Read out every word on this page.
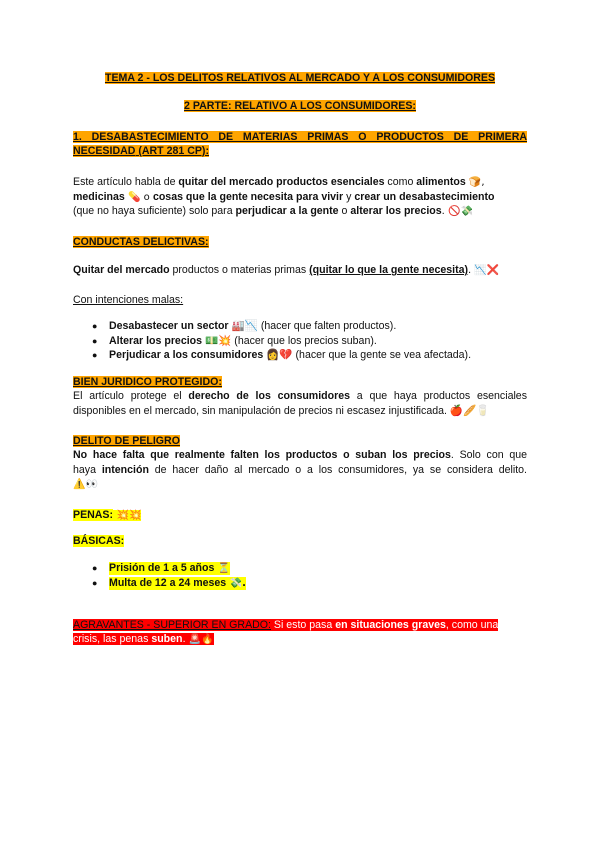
TEMA 2 - LOS DELITOS RELATIVOS AL MERCADO Y A LOS CONSUMIDORES
2 PARTE: RELATIVO A LOS CONSUMIDORES:
1. DESABASTECIMIENTO DE MATERIAS PRIMAS O PRODUCTOS DE PRIMERA
NECESIDAD (ART 281 CP):
Este artículo habla de quitar del mercado productos esenciales como alimentos 🍞,
medicinas 💊 o cosas que la gente necesita para vivir y crear un desabastecimiento
(que no haya suficiente) solo para perjudicar a la gente o alterar los precios. 🚫💸
CONDUCTAS DELICTIVAS:
Quitar del mercado productos o materias primas (quitar lo que la gente necesita). 📉❌
Con intenciones malas:
● Desabastecer un sector 🏭📉 (hacer que falten productos).
● Alterar los precios 💵💥 (hacer que los precios suban).
● Perjudicar a los consumidores 👩💔 (hacer que la gente se vea afectada).
BIEN JURIDICO PROTEGIDO:
El artículo protege el derecho de los consumidores a que haya productos esenciales
disponibles en el mercado, sin manipulación de precios ni escasez injustificada. 🍎🥖🥛
DELITO DE PELIGRO
No hace falta que realmente falten los productos o suban los precios. Solo con que
haya intención de hacer daño al mercado o a los consumidores, ya se considera delito.
⚠️👀
PENAS: 💥💥
BÁSICAS:
● Prisión de 1 a 5 años ⏳
● Multa de 12 a 24 meses 💸.
AGRAVANTES - SUPERIOR EN GRADO: Si esto pasa en situaciones graves, como una
crisis, las penas suben. 🚨🔥
